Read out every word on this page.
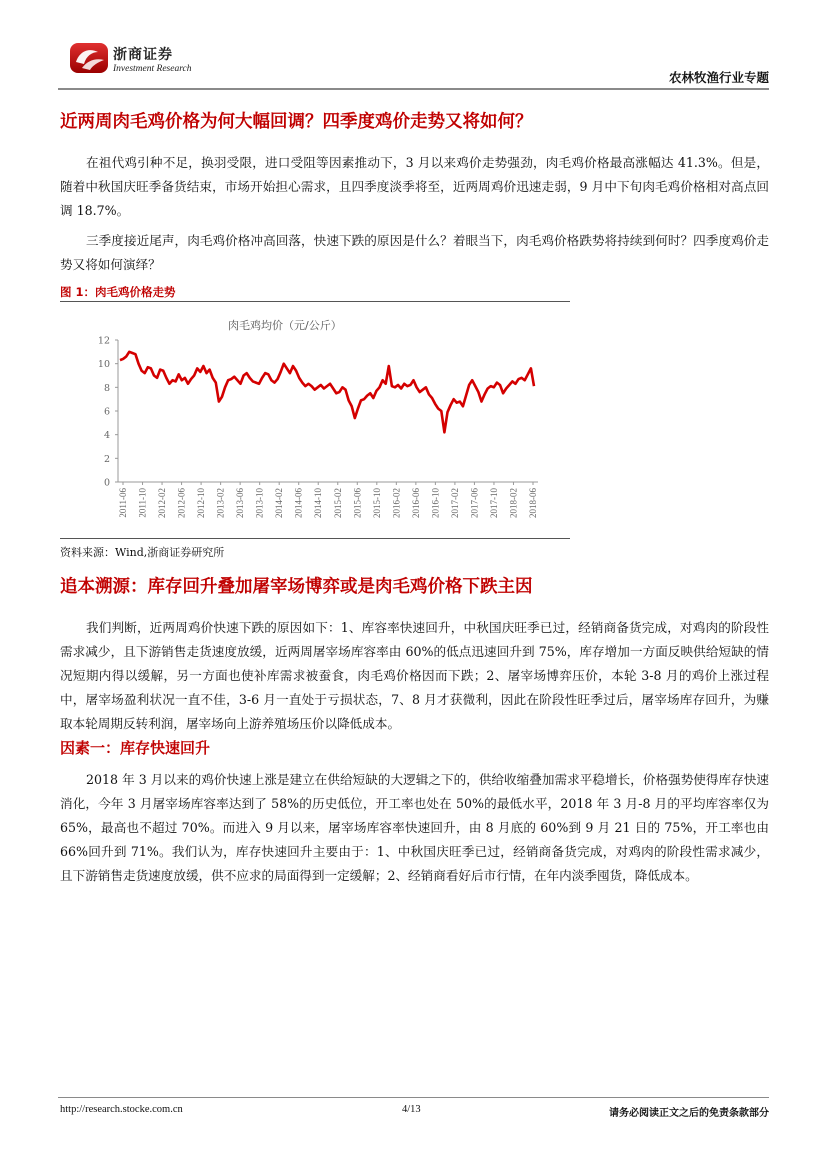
浙商证券
Investment Research
农林牧渔行业专题
近两周肉毛鸡价格为何大幅回调？四季度鸡价走势又将如何？
在祖代鸡引种不足，换羽受限，进口受阻等因素推动下，3 月以来鸡价走势强劲，肉毛鸡价格最高涨幅达 41.3%。但是，随着中秋国庆旺季备货结束，市场开始担心需求，且四季度淡季将至，近两周鸡价迅速走弱，9 月中下旬肉毛鸡价格相对高点回调 18.7%。
三季度接近尾声，肉毛鸡价格冲高回落，快速下跌的原因是什么？着眼当下，肉毛鸡价格跌势将持续到何时？四季度鸡价走势又将如何演绎？
图 1：肉毛鸡价格走势
肉毛鸡均价（元/公斤）
0
2
4
6
8
10
12
2011-06 2011-10 2012-02 2012-06 2012-10 2013-02 2013-06 2013-10 2014-02 2014-06 2014-10 2015-02 2015-06 2015-10 2016-02 2016-06 2016-10 2017-02 2017-06 2017-10 2018-02 2018-06
资料来源：Wind,浙商证券研究所
追本溯源：库存回升叠加屠宰场博弈或是肉毛鸡价格下跌主因
我们判断，近两周鸡价快速下跌的原因如下：1、库容率快速回升，中秋国庆旺季已过，经销商备货完成，对鸡肉的阶段性需求减少，且下游销售走货速度放缓，近两周屠宰场库容率由 60%的低点迅速回升到 75%，库存增加一方面反映供给短缺的情况短期内得以缓解，另一方面也使补库需求被蚕食，肉毛鸡价格因而下跌；2、屠宰场博弈压价，本轮 3-8 月的鸡价上涨过程中，屠宰场盈利状况一直不佳，3-6 月一直处于亏损状态，7、8 月才获微利，因此在阶段性旺季过后，屠宰场库存回升，为赚取本轮周期反转利润，屠宰场向上游养殖场压价以降低成本。
因素一：库存快速回升
2018 年 3 月以来的鸡价快速上涨是建立在供给短缺的大逻辑之下的，供给收缩叠加需求平稳增长，价格强势使得库存快速消化，今年 3 月屠宰场库容率达到了 58%的历史低位，开工率也处在 50%的最低水平，2018 年 3 月-8 月的平均库容率仅为 65%，最高也不超过 70%。而进入 9 月以来，屠宰场库容率快速回升，由 8 月底的 60%到 9 月 21 日的 75%，开工率也由 66%回升到 71%。我们认为，库存快速回升主要由于：1、中秋国庆旺季已过，经销商备货完成，对鸡肉的阶段性需求减少，且下游销售走货速度放缓，供不应求的局面得到一定缓解；2、经销商看好后市行情，在年内淡季囤货，降低成本。
http://research.stocke.com.cn	4/13	请务必阅读正文之后的免责条款部分
